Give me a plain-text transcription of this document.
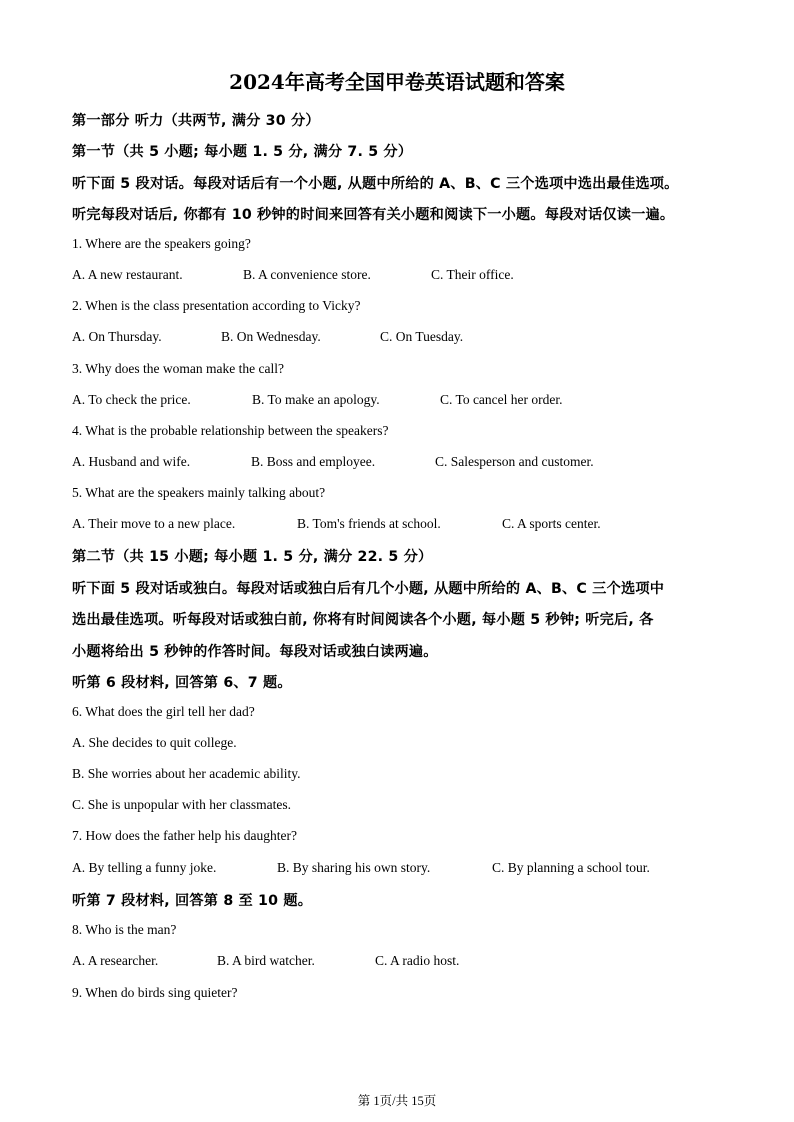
2024年高考全国甲卷英语试题和答案
第一部分 听力（共两节, 满分 30 分）
第一节（共 5 小题; 每小题 1. 5 分, 满分 7. 5 分）
听下面 5 段对话。每段对话后有一个小题, 从题中所给的 A、B、C 三个选项中选出最佳选项。
听完每段对话后, 你都有 10 秒钟的时间来回答有关小题和阅读下一小题。每段对话仅读一遍。
1. Where are the speakers going?
A. A new restaurant.	B. A convenience store.	C. Their office.
2. When is the class presentation according to Vicky?
A. On Thursday.	B. On Wednesday.	C. On Tuesday.
3. Why does the woman make the call?
A. To check the price.	B. To make an apology.	C. To cancel her order.
4. What is the probable relationship between the speakers?
A. Husband and wife.	B. Boss and employee.	C. Salesperson and customer.
5. What are the speakers mainly talking about?
A. Their move to a new place.	B. Tom's friends at school.	C. A sports center.
第二节（共 15 小题; 每小题 1. 5 分, 满分 22. 5 分）
听下面 5 段对话或独白。每段对话或独白后有几个小题, 从题中所给的 A、B、C 三个选项中
选出最佳选项。听每段对话或独白前, 你将有时间阅读各个小题, 每小题 5 秒钟; 听完后, 各
小题将给出 5 秒钟的作答时间。每段对话或独白读两遍。
听第 6 段材料, 回答第 6、7 题。
6. What does the girl tell her dad?
A. She decides to quit college.
B. She worries about her academic ability.
C. She is unpopular with her classmates.
7. How does the father help his daughter?
A. By telling a funny joke.	B. By sharing his own story.	C. By planning a school tour.
听第 7 段材料, 回答第 8 至 10 题。
8. Who is the man?
A. A researcher.	B. A bird watcher.	C. A radio host.
9. When do birds sing quieter?
第 1页/共 15页
